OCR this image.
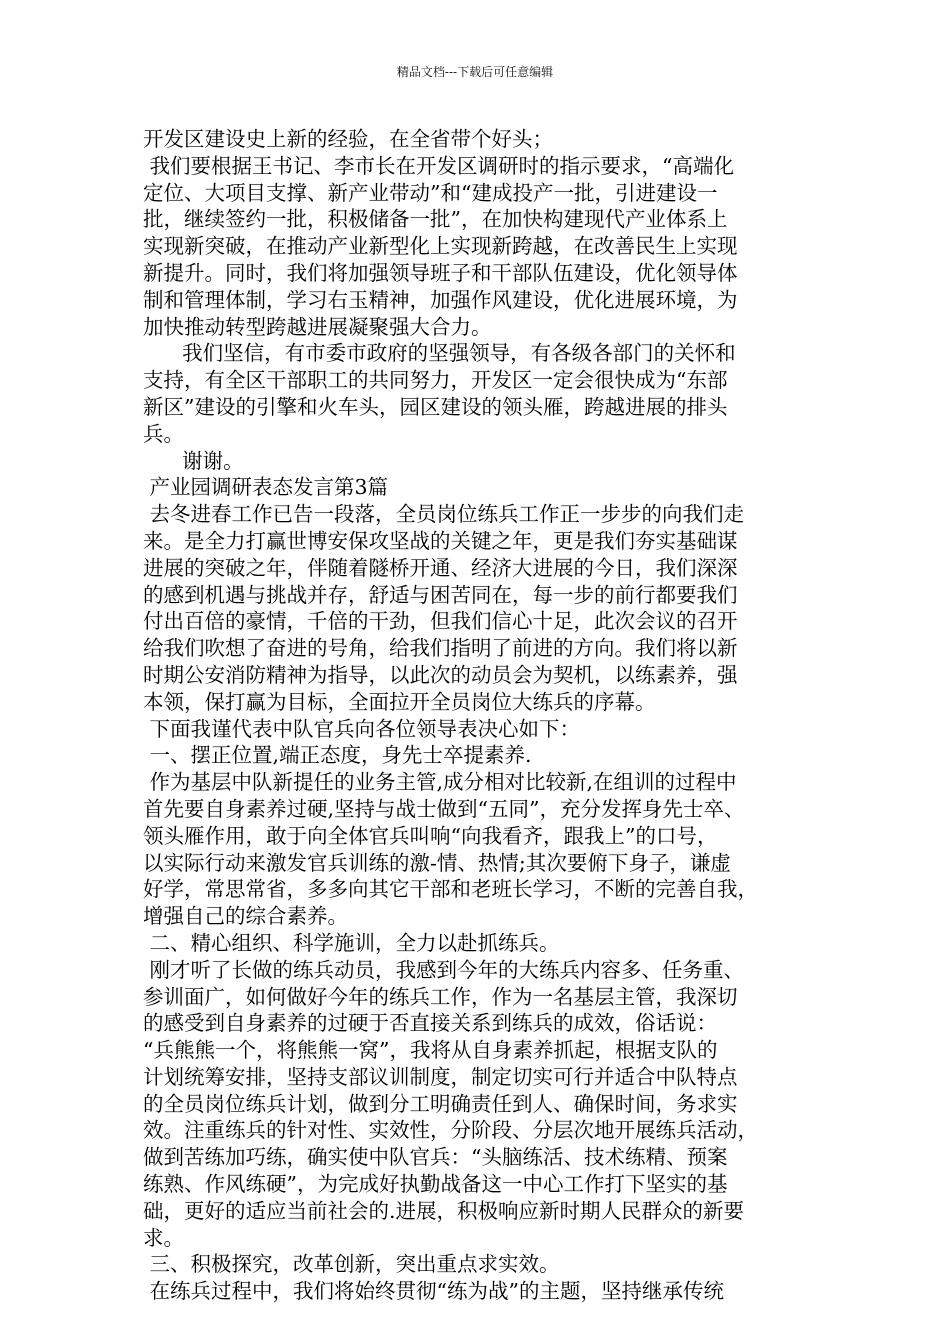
精品文档---下载后可任意编辑
开发区建设史上新的经验，在全省带个好头；
我们要根据王书记、李市长在开发区调研时的指示要求，“高端化
定位、大项目支撑、新产业带动”和“建成投产一批，引进建设一
批，继续签约一批，积极储备一批”，在加快构建现代产业体系上
实现新突破，在推动产业新型化上实现新跨越，在改善民生上实现
新提升。同时，我们将加强领导班子和干部队伍建设，优化领导体
制和管理体制，学习右玉精神，加强作风建设，优化进展环境，为
加快推动转型跨越进展凝聚强大合力。
我们坚信，有市委市政府的坚强领导，有各级各部门的关怀和
支持，有全区干部职工的共同努力，开发区一定会很快成为“东部
新区”建设的引擎和火车头，园区建设的领头雁，跨越进展的排头
兵。
谢谢。
产业园调研表态发言第3篇
去冬进春工作已告一段落，全员岗位练兵工作正一步步的向我们走
来。是全力打赢世博安保攻坚战的关键之年，更是我们夯实基础谋
进展的突破之年，伴随着隧桥开通、经济大进展的今日，我们深深
的感到机遇与挑战并存，舒适与困苦同在，每一步的前行都要我们
付出百倍的豪情，千倍的干劲，但我们信心十足，此次会议的召开
给我们吹想了奋进的号角，给我们指明了前进的方向。我们将以新
时期公安消防精神为指导，以此次的动员会为契机，以练素养，强
本领，保打赢为目标，全面拉开全员岗位大练兵的序幕。
下面我谨代表中队官兵向各位领导表决心如下：
一、摆正位置,端正态度，身先士卒提素养.
作为基层中队新提任的业务主管,成分相对比较新,在组训的过程中
首先要自身素养过硬,坚持与战士做到“五同”，充分发挥身先士卒、
领头雁作用，敢于向全体官兵叫响“向我看齐，跟我上”的口号，
以实际行动来激发官兵训练的激-情、热情;其次要俯下身子，谦虚
好学，常思常省，多多向其它干部和老班长学习，不断的完善自我，
增强自己的综合素养。
二、精心组织、科学施训，全力以赴抓练兵。
刚才听了长做的练兵动员，我感到今年的大练兵内容多、任务重、
参训面广，如何做好今年的练兵工作，作为一名基层主管，我深切
的感受到自身素养的过硬于否直接关系到练兵的成效，俗话说：
“兵熊熊一个，将熊熊一窝”，我将从自身素养抓起，根据支队的
计划统筹安排，坚持支部议训制度，制定切实可行并适合中队特点
的全员岗位练兵计划，做到分工明确责任到人、确保时间，务求实
效。注重练兵的针对性、实效性，分阶段、分层次地开展练兵活动，
做到苦练加巧练，确实使中队官兵：“头脑练活、技术练精、预案
练熟、作风练硬”，为完成好执勤战备这一中心工作打下坚实的基
础，更好的适应当前社会的.进展，积极响应新时期人民群众的新要
求。
三、积极探究，改革创新，突出重点求实效。
在练兵过程中，我们将始终贯彻“练为战”的主题，坚持继承传统
